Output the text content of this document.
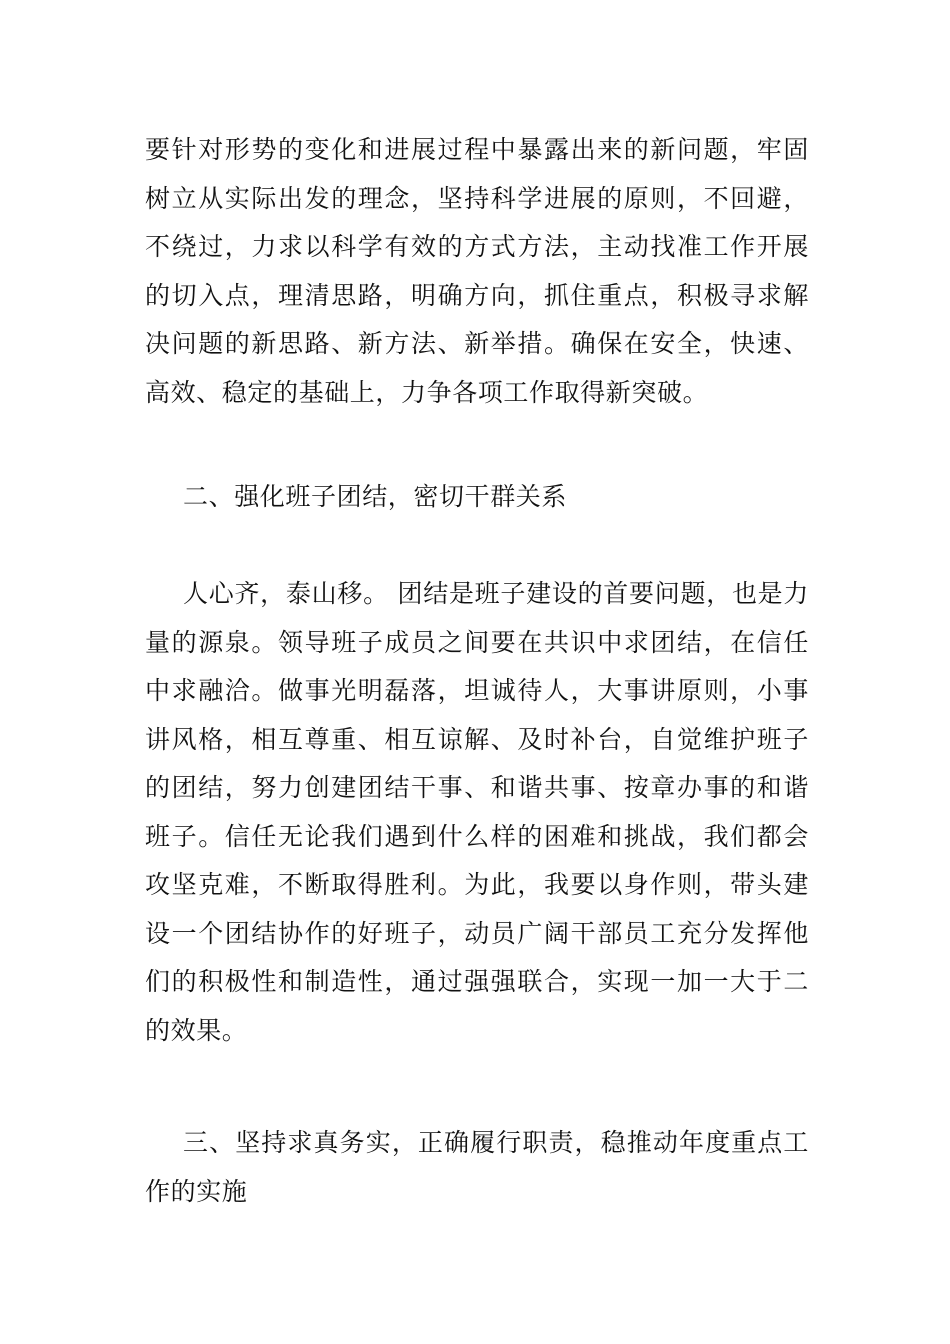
要针对形势的变化和进展过程中暴露出来的新问题，牢固树立从实际出发的理念，坚持科学进展的原则，不回避，不绕过，力求以科学有效的方式方法，主动找准工作开展的切入点，理清思路，明确方向，抓住重点，积极寻求解决问题的新思路、新方法、新举措。确保在安全，快速、高效、稳定的基础上，力争各项工作取得新突破。

二、强化班子团结，密切干群关系

人心齐，泰山移。 团结是班子建设的首要问题，也是力量的源泉。领导班子成员之间要在共识中求团结，在信任中求融洽。做事光明磊落，坦诚待人，大事讲原则，小事讲风格，相互尊重、相互谅解、及时补台，自觉维护班子的团结，努力创建团结干事、和谐共事、按章办事的和谐班子。信任无论我们遇到什么样的困难和挑战，我们都会攻坚克难，不断取得胜利。为此，我要以身作则，带头建设一个团结协作的好班子，动员广阔干部员工充分发挥他们的积极性和制造性，通过强强联合，实现一加一大于二的效果。

三、坚持求真务实，正确履行职责，稳推动年度重点工作的实施
